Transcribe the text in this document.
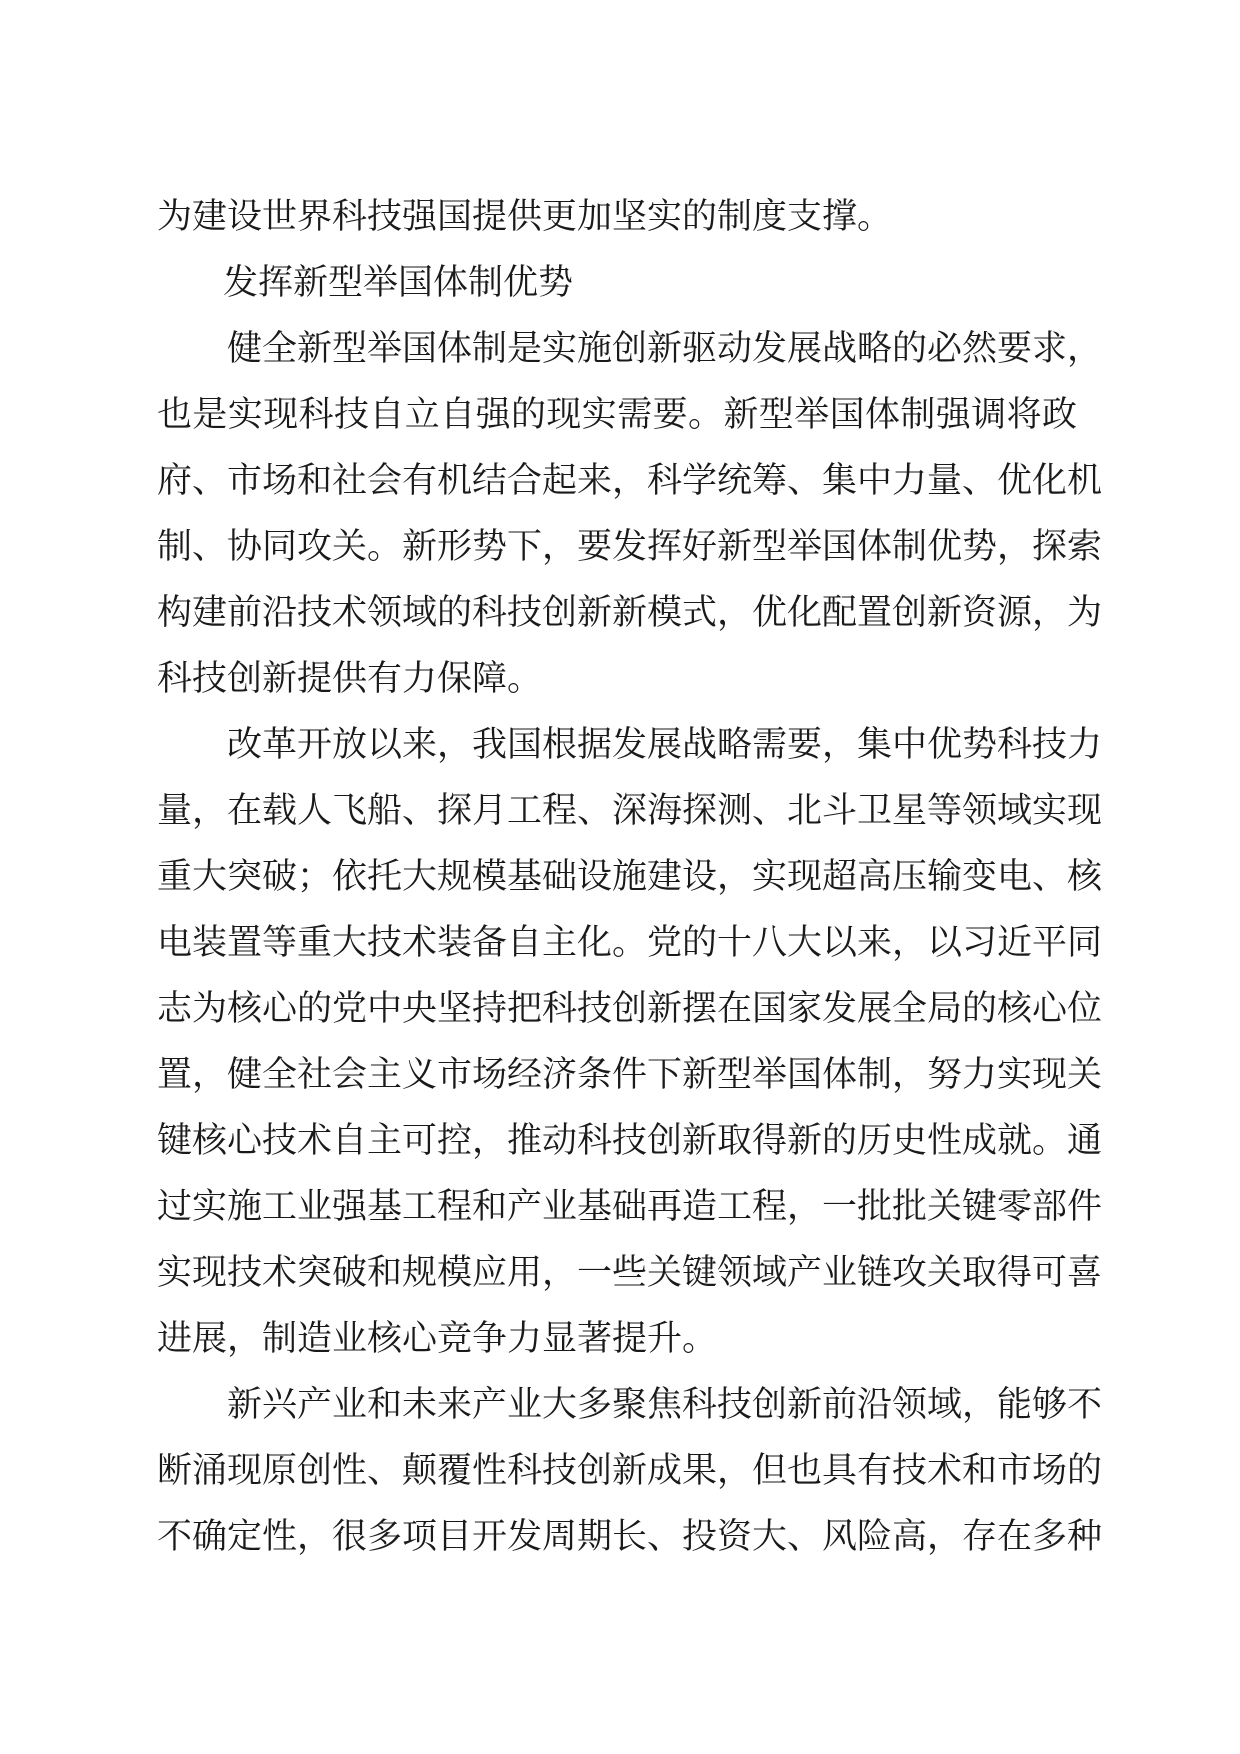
为建设世界科技强国提供更加坚实的制度支撑。
发挥新型举国体制优势
健全新型举国体制是实施创新驱动发展战略的必然要求，
也是实现科技自立自强的现实需要。新型举国体制强调将政
府、市场和社会有机结合起来，科学统筹、集中力量、优化机
制、协同攻关。新形势下，要发挥好新型举国体制优势，探索
构建前沿技术领域的科技创新新模式，优化配置创新资源，为
科技创新提供有力保障。
改革开放以来，我国根据发展战略需要，集中优势科技力
量，在载人飞船、探月工程、深海探测、北斗卫星等领域实现
重大突破；依托大规模基础设施建设，实现超高压输变电、核
电装置等重大技术装备自主化。党的十八大以来，以习近平同
志为核心的党中央坚持把科技创新摆在国家发展全局的核心位
置，健全社会主义市场经济条件下新型举国体制，努力实现关
键核心技术自主可控，推动科技创新取得新的历史性成就。通
过实施工业强基工程和产业基础再造工程，一批批关键零部件
实现技术突破和规模应用，一些关键领域产业链攻关取得可喜
进展，制造业核心竞争力显著提升。
新兴产业和未来产业大多聚焦科技创新前沿领域，能够不
断涌现原创性、颠覆性科技创新成果，但也具有技术和市场的
不确定性，很多项目开发周期长、投资大、风险高，存在多种
